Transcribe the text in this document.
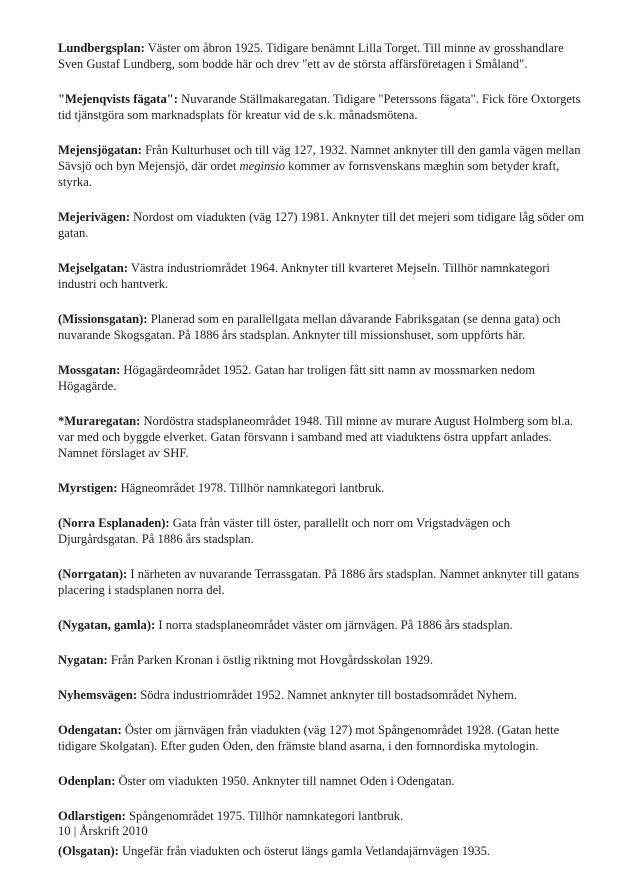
Lundbergsplan: Väster om åbron 1925. Tidigare benämnt Lilla Torget. Till minne av grosshandlare Sven Gustaf Lundberg, som bodde här och drev "ett av de största affärsföretagen i Småland".

"Mejenqvists fägata": Nuvarande Ställmakaregatan. Tidigare "Peterssons fägata". Fick före Oxtorgets tid tjänstgöra som marknadsplats för kreatur vid de s.k. månadsmötena.

Mejensjögatan: Från Kulturhuset och till väg 127, 1932. Namnet anknyter till den gamla vägen mellan Sävsjö och byn Mejensjö, där ordet meginsio kommer av fornsvenskans mæghin som betyder kraft, styrka.

Mejerivägen: Nordost om viadukten (väg 127) 1981. Anknyter till det mejeri som tidigare låg söder om gatan.

Mejselgatan: Västra industriområdet 1964. Anknyter till kvarteret Mejseln. Tillhör namnkategori industri och hantverk.

(Missionsgatan): Planerad som en parallellgata mellan dåvarande Fabriksgatan (se denna gata) och nuvarande Skogsgatan. På 1886 års stadsplan. Anknyter till missionshuset, som uppförts här.

Mossgatan: Högagärdeområdet 1952. Gatan har troligen fått sitt namn av mossmarken nedom Högagärde.

*Muraregatan: Nordöstra stadsplaneområdet 1948. Till minne av murare August Holmberg som bl.a. var med och byggde elverket. Gatan försvann i samband med att viaduktens östra uppfart anlades. Namnet förslaget av SHF.

Myrstigen: Hägneområdet 1978. Tillhör namnkategori lantbruk.

(Norra Esplanaden): Gata från väster till öster, parallellt och norr om Vrigstadvägen och Djurgårdsgatan. På 1886 års stadsplan.

(Norrgatan): I närheten av nuvarande Terrassgatan. På 1886 års stadsplan. Namnet anknyter till gatans placering i stadsplanen norra del.

(Nygatan, gamla): I norra stadsplaneområdet väster om järnvägen. På 1886 års stadsplan.

Nygatan: Från Parken Kronan i östlig riktning mot Hovgårdsskolan 1929.

Nyhemsvägen: Södra industriområdet 1952. Namnet anknyter till bostadsområdet Nyhem.

Odengatan: Öster om järnvägen från viadukten (väg 127) mot Spångenområdet 1928. (Gatan hette tidigare Skolgatan). Efter guden Oden, den främste bland asarna, i den fornnordiska mytologin.

Odenplan: Öster om viadukten 1950. Anknyter till namnet Oden i Odengatan.

Odlarstigen: Spångenområdet 1975. Tillhör namnkategori lantbruk.

(Olsgatan): Ungefär från viadukten och österut längs gamla Vetlandajärnvägen 1935.

10 | Årskrift 2010
